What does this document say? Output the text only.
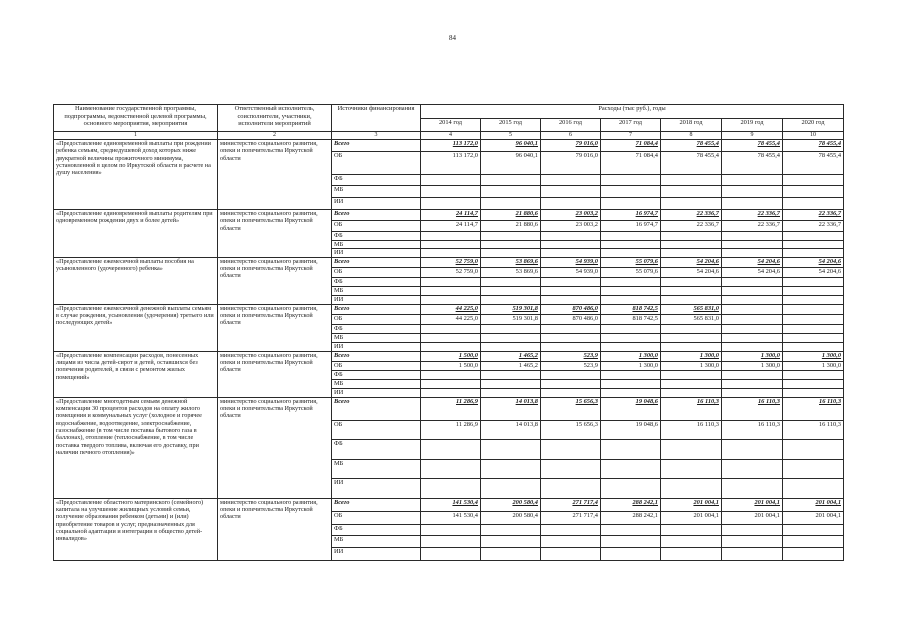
84
Наименование государственной программы, подпрограммы, ведомственной целевой программы, основного мероприятия, мероприятия	Ответственный исполнитель, соисполнители, участники, исполнители мероприятий	Источники финансирования	Расходы (тыс руб.), годы						
			2014 год	2015 год	2016 год	2017 год	2018 год	2019 год	2020 год
1	2	3	4	5	6	7	8	9	10
«Предоставление единовременной выплаты при рождении ребенка семьям, среднедушевой доход которых ниже двукратной величины прожиточного минимума, установленной в целом по Иркутской области в расчете на душу населения»	министерство социального развития, опеки и попечительства Иркутской области	Всего	113 172,0	96 040,1	79 016,0	71 084,4	78 455,4	78 455,4	78 455,4
		ОБ	113 172,0	96 040,1	79 016,0	71 084,4	78 455,4	78 455,4	78 455,4
		ФБ							
		МБ							
		ИИ							
«Предоставление единовременной выплаты родителям при одновременном рождении двух и более детей»	министерство социального развития, опеки и попечительства Иркутской области	Всего	24 114,7	21 880,6	23 003,2	16 974,7	22 336,7	22 336,7	22 336,7
		ОБ	24 114,7	21 880,6	23 003,2	16 974,7	22 336,7	22 336,7	22 336,7
		ФБ							
		МБ							
		ИИ							
«Предоставление ежемесячной выплаты пособия на усыновленного (удочеренного) ребенка»	министерство социального развития, опеки и попечительства Иркутской области	Всего	52 759,0	53 869,6	54 939,0	55 079,6	54 204,6	54 204,6	54 204,6
		ОБ	52 759,0	53 869,6	54 939,0	55 079,6	54 204,6	54 204,6	54 204,6
		ФБ							
		МБ							
		ИИ							
«Предоставление ежемесячной денежной выплаты семьям в случае рождения, усыновления (удочерения) третьего или последующих детей»	министерство социального развития, опеки и попечительства Иркутской области	Всего	44 225,0	519 301,8	870 486,0	818 742,5	565 831,0		
		ОБ	44 225,0	519 301,8	870 486,0	818 742,5	565 831,0		
		ФБ							
		МБ							
		ИИ							
«Предоставление компенсации расходов, понесенных лицами из числа детей-сирот и детей, оставшихся без попечения родителей, в связи с ремонтом жилых помещений»	министерство социального развития, опеки и попечительства Иркутской области	Всего	1 500,0	1 465,2	523,9	1 300,0	1 300,0	1 300,0	1 300,0
		ОБ	1 500,0	1 465,2	523,9	1 300,0	1 300,0	1 300,0	1 300,0
		ФБ							
		МБ							
		ИИ							
«Предоставление многодетным семьям денежной компенсации 30 процентов расходов на оплату жилого помещения и коммунальных услуг (холодное и горячее водоснабжение, водоотведение, электроснабжение, газоснабжение (в том числе поставка бытового газа в баллонах), отопление (теплоснабжение, в том числе поставка твердого топлива, включая его доставку, при наличии печного отопления)»	министерство социального развития, опеки и попечительства Иркутской области	Всего	11 286,9	14 013,8	15 656,3	19 048,6	16 110,3	16 110,3	16 110,3
		ОБ	11 286,9	14 013,8	15 656,3	19 048,6	16 110,3	16 110,3	16 110,3
		ФБ							
		МБ							
		ИИ							
«Предоставление областного материнского (семейного) капитала на улучшение жилищных условий семьи, получение образования ребенком (детьми) и (или) приобретение товаров и услуг, предназначенных для социальной адаптации и интеграции в общество детей-инвалидов»	министерство социального развития, опеки и попечительства Иркутской области	Всего	141 530,4	200 580,4	271 717,4	288 242,1	201 004,1	201 004,1	201 004,1
		ОБ	141 530,4	200 580,4	271 717,4	288 242,1	201 004,1	201 004,1	201 004,1
		ФБ							
		МБ							
		ИИ							
